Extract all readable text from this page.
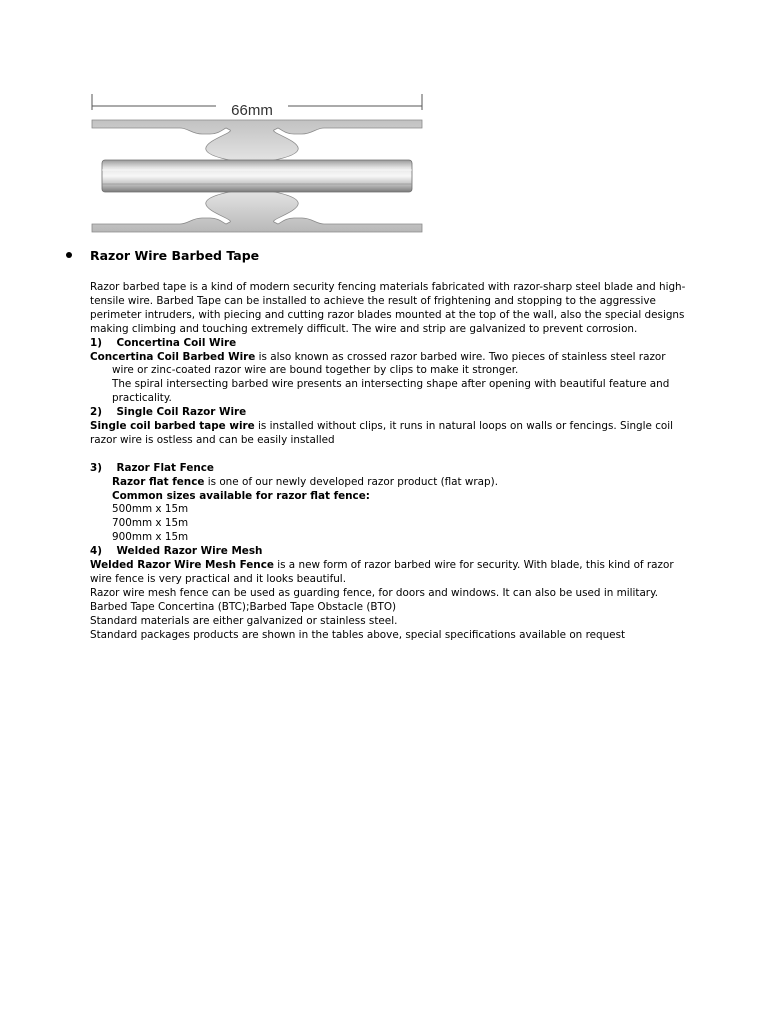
66mm
Razor Wire Barbed Tape

Razor barbed tape is a kind of modern security fencing materials fabricated with razor-sharp steel blade and high-tensile wire. Barbed Tape can be installed to achieve the result of frightening and stopping to the aggressive perimeter intruders, with piecing and cutting razor blades mounted at the top of the wall, also the special designs making climbing and touching extremely difficult. The wire and strip are galvanized to prevent corrosion.

1)    Concertina Coil Wire

Concertina Coil Barbed Wire is also known as crossed razor barbed wire. Two pieces of stainless steel razor wire or zinc-coated razor wire are bound together by clips to make it stronger.

The spiral intersecting barbed wire presents an intersecting shape after opening with beautiful feature and practicality.

2)    Single Coil Razor Wire

Single coil barbed tape wire is installed without clips, it runs in natural loops on walls or fencings. Single coil razor wire is ostless and can be easily installed

3)    Razor Flat Fence

Razor flat fence is one of our newly developed razor product (flat wrap).

Common sizes available for razor flat fence:

500mm x 15m

700mm x 15m

900mm x 15m

4)    Welded Razor Wire Mesh

Welded Razor Wire Mesh Fence is a new form of razor barbed wire for security. With blade, this kind of razor wire fence is very practical and it looks beautiful.

Razor wire mesh fence can be used as guarding fence, for doors and windows. It can also be used in military.

Barbed Tape Concertina (BTC);Barbed Tape Obstacle (BTO)

Standard materials are either galvanized or stainless steel.

Standard packages products are shown in the tables above, special specifications available on request
